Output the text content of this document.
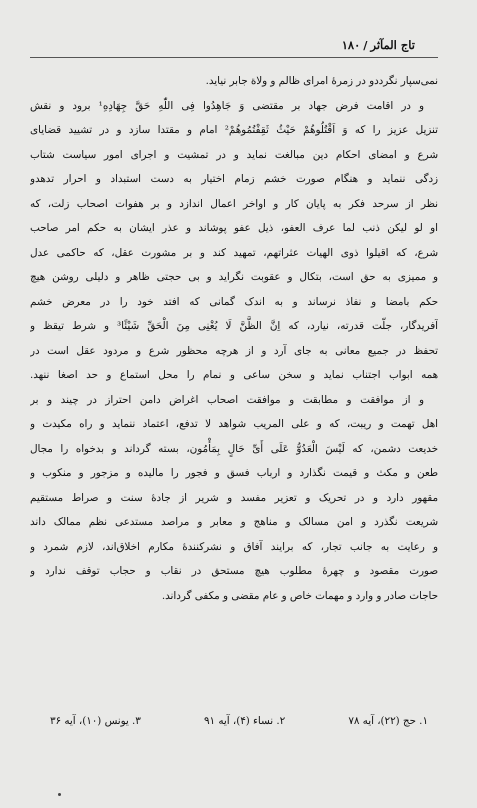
تاج المآثر/۱۸۰
نمی‌سپار نگرددو در زمرهٔ امرای ظالم و ولاة جابر نیاید.
و در اقامت فرض جهاد بر مقتضی وَ جَاهِدُوا فِی اللّٰهِ حَقَّ جِهَادِهِ¹ برود و نقش
تنزیل عزیز را که وَ اَقْتُلُوهُمْ حَیْثُ ثَقِفْتُمُوهُمْ² امام و مقتدا سازد و در تشیید قضایای
شرع و امضای احکام دین مبالغت نماید و در تمشیت و اجرای امور سیاست شتاب
زدگی ننماید و هنگام صورت خشم زمام اختیار به دست استبداد و احرار تدهدو
نظر از سرحد فکر به پایان کار و اواخر اعمال اندازد و بر هفوات اصحاب زلت، که
او لو لیکن ذنب لما عرف العفو، ذیل عفو پوشاند و عذر ایشان به حکم امر صاحب
شرع، که اقیلوا ذوی الهیات عثراتهم، تمهید کند و بر مشورت عقل، که حاکمی عدل
و ممیزی به حق است، بتکال و عقوبت نگراید و بی حجتی ظاهر و دلیلی روشن هیچ
حکم بامضا و نفاذ نرساند و به اندک گمانی که افتد خود را در معرض خشم
آفریدگار، جلّت قدرته، نیارد، که اِنَّ الظَّنَّ لَا یُغْنِی مِنَ الْحَقِّ شَیْئًا³ و شرط تیقظ و
تحفظ در جمیع معانی به جای آرد و از هرچه محظور شرع و مردود عقل است در
همه ابواب اجتناب نماید و سخن ساعی و نمام را محل استماع و حد اصغا ننهد.
و از موافقت و مطابقت و موافقت اصحاب اغراض دامن احتراز در چیند و بر
اهل تهمت و ریبت، که و علی المریب شواهد لا تدفع، اعتماد ننماید و راه مکیدت و
خدیعت دشمن، که لَیْسَ الْعَدُوُّ عَلَی أَیِّ حَالٍ بِمَأْمُون، بسته گرداند و بدخواه را مجال
طعن و مکث و قیمت نگذارد و ارباب فسق و فجور را مالیده و مزجور و منکوب و
مقهور دارد و در تحریک و تعزیر مفسد و شریر از جادهٔ سنت و صراط مستقیم
شریعت نگذرد و امن مسالک و مناهج و معابر و مراصد مستدعی نظم ممالک داند
و رعایت به جانب تجار، که برایند آفاق و نشرکنندهٔ مکارم اخلاق‌اند، لازم شمرد و
صورت مقصود و چهرهٔ مطلوب هیچ مستحق در نقاب و حجاب توقف ندارد و
حاجات صادر و وارد و مهمات خاص و عام مقضی و مکفی گرداند.
۱. حج (۲۲)، آیه ۷۸
۲. نساء (۴)، آیه ۹۱
۳. یونس (۱۰)، آیه ۳۶
